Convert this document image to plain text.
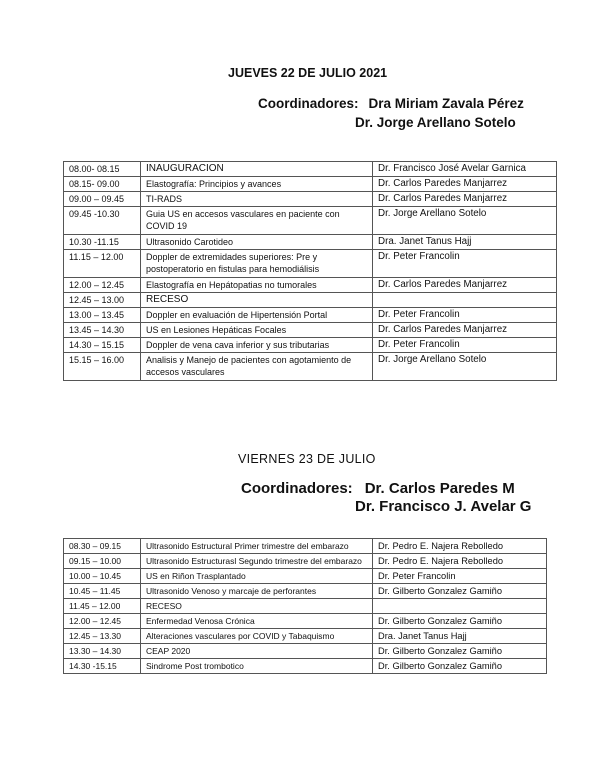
JUEVES 22 DE JULIO 2021
Coordinadores: Dra Miriam Zavala Pérez
Dr. Jorge Arellano Sotelo
08.00- 08.15	INAUGURACION	Dr. Francisco José Avelar Garnica
08.15- 09.00	Elastografía: Principios y avances	Dr. Carlos Paredes Manjarrez
09.00 – 09.45	TI-RADS	Dr. Carlos Paredes Manjarrez
09.45 -10.30	Guia US en accesos vasculares en paciente con COVID 19	Dr. Jorge Arellano Sotelo
10.30 -11.15	Ultrasonido Carotideo	Dra. Janet Tanus Hajj
11.15 – 12.00	Doppler de extremidades superiores: Pre y postoperatorio en fistulas para hemodiálisis	Dr. Peter Francolin
12.00 – 12.45	Elastografía en Hepátopatias no tumorales	Dr. Carlos Paredes Manjarrez
12.45 – 13.00	RECESO	
13.00 – 13.45	Doppler en evaluación de Hipertensión Portal	Dr. Peter Francolin
13.45 – 14.30	US en Lesiones Hepáticas Focales	Dr. Carlos Paredes Manjarrez
14.30 – 15.15	Doppler de vena cava inferior y sus tributarias	Dr. Peter Francolin
15.15 – 16.00	Analisis y Manejo de pacientes con agotamiento de accesos vasculares	Dr. Jorge Arellano Sotelo
VIERNES 23 DE JULIO
Coordinadores: Dr. Carlos Paredes M
Dr. Francisco J. Avelar G
08.30 – 09.15	Ultrasonido Estructural Primer trimestre del embarazo	Dr. Pedro E. Najera Rebolledo
09.15 – 10.00	Ultrasonido Estructurasl Segundo trimestre del embarazo	Dr. Pedro E. Najera Rebolledo
10.00 – 10.45	US en Riñon Trasplantado	Dr. Peter Francolin
10.45 – 11.45	Ultrasonido Venoso y marcaje de perforantes	Dr. Gilberto Gonzalez Gamiño
11.45 – 12.00	RECESO	
12.00 – 12.45	Enfermedad Venosa Crónica	Dr. Gilberto Gonzalez Gamiño
12.45 – 13.30	Alteraciones vasculares por COVID y Tabaquismo	Dra. Janet Tanus Hajj
13.30 – 14.30	CEAP 2020	Dr. Gilberto Gonzalez Gamiño
14.30 -15.15	Sindrome Post trombotico	Dr. Gilberto Gonzalez Gamiño
